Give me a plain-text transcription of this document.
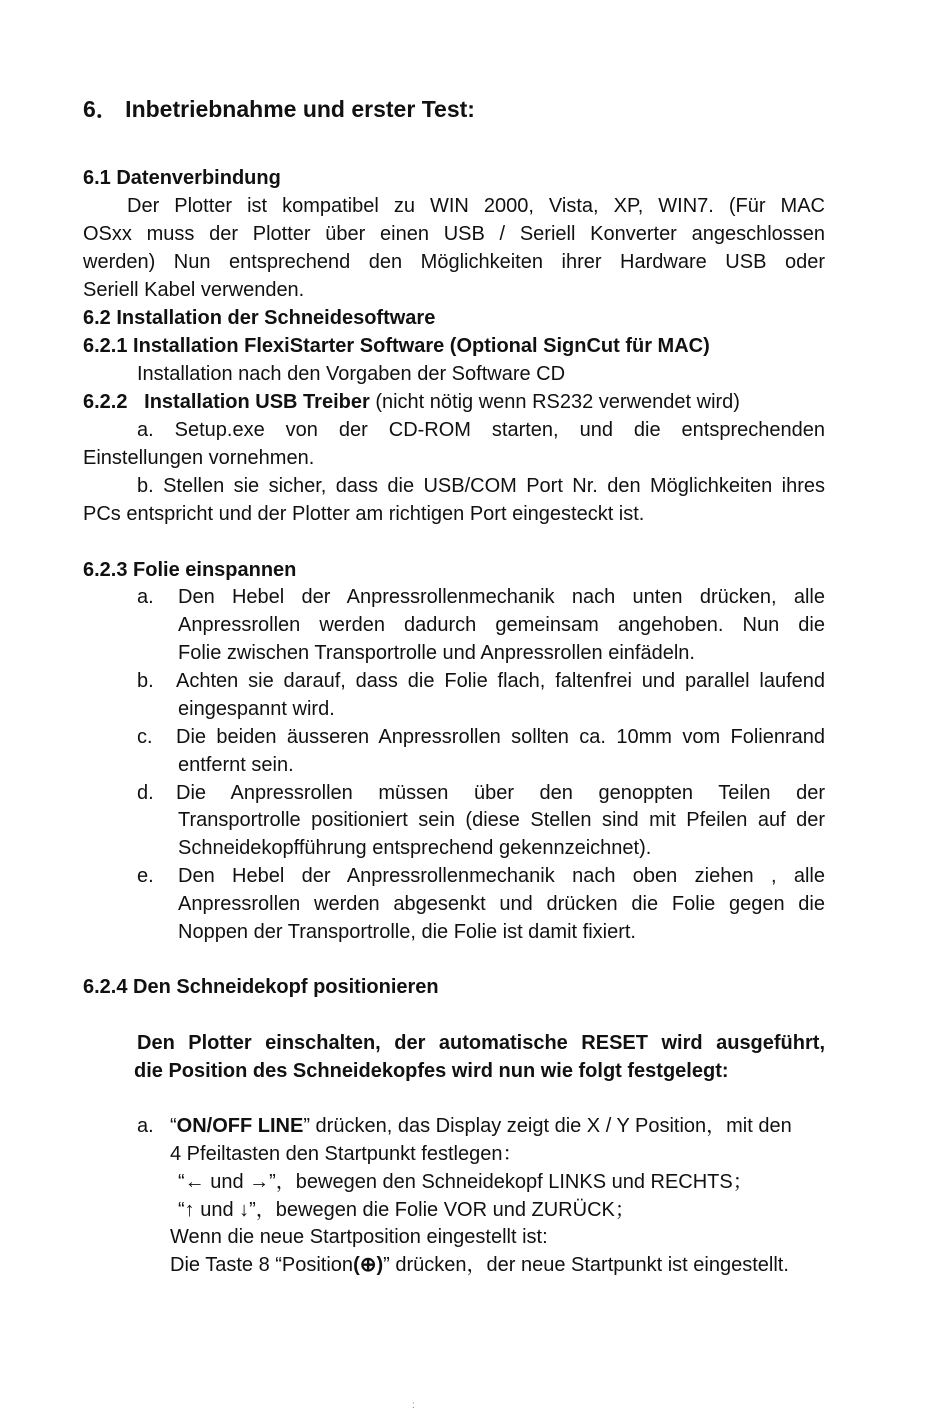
6． Inbetriebnahme und erster Test:
6.1 Datenverbindung
Der Plotter ist kompatibel zu WIN 2000, Vista, XP, WIN7. (Für MAC
OSxx muss der Plotter über einen USB / Seriell Konverter angeschlossen
werden) Nun entsprechend den Möglichkeiten ihrer Hardware USB oder
Seriell Kabel verwenden.
6.2 Installation der Schneidesoftware
6.2.1 Installation FlexiStarter Software (Optional SignCut für MAC)
Installation nach den Vorgaben der Software CD
6.2.2   Installation USB Treiber (nicht nötig wenn RS232 verwendet wird)
a. Setup.exe von der CD-ROM starten, und die entsprechenden
Einstellungen vornehmen.
b. Stellen sie sicher, dass die USB/COM Port Nr. den Möglichkeiten ihres
PCs entspricht und der Plotter am richtigen Port eingesteckt ist.
6.2.3 Folie einspannen
a. Den Hebel der Anpressrollenmechanik nach unten drücken, alle
Anpressrollen werden dadurch gemeinsam angehoben. Nun die
Folie zwischen Transportrolle und Anpressrollen einfädeln.
b. Achten sie darauf, dass die Folie flach, faltenfrei und parallel laufend
eingespannt wird.
c. Die beiden äusseren Anpressrollen sollten ca. 10mm vom Folienrand
entfernt sein.
d. Die Anpressrollen müssen über den genoppten Teilen der
Transportrolle positioniert sein (diese Stellen sind mit Pfeilen auf der
Schneidekopfführung entsprechend gekennzeichnet).
e. Den Hebel der Anpressrollenmechanik nach oben ziehen , alle
Anpressrollen werden abgesenkt und drücken die Folie gegen die
Noppen der Transportrolle, die Folie ist damit fixiert.
6.2.4 Den Schneidekopf positionieren
Den Plotter einschalten, der automatische RESET wird ausgeführt,
die Position des Schneidekopfes wird nun wie folgt festgelegt:
a. “ON/OFF LINE” drücken, das Display zeigt die X / Y Position，mit den
4 Pfeiltasten den Startpunkt festlegen：
“← und →”，bewegen den Schneidekopf LINKS und RECHTS；
“↑ und ↓”，bewegen die Folie VOR und ZURÜCK；
Wenn die neue Startposition eingestellt ist:
Die Taste 8 “Position(⊕)” drücken，der neue Startpunkt ist eingestellt.
:
